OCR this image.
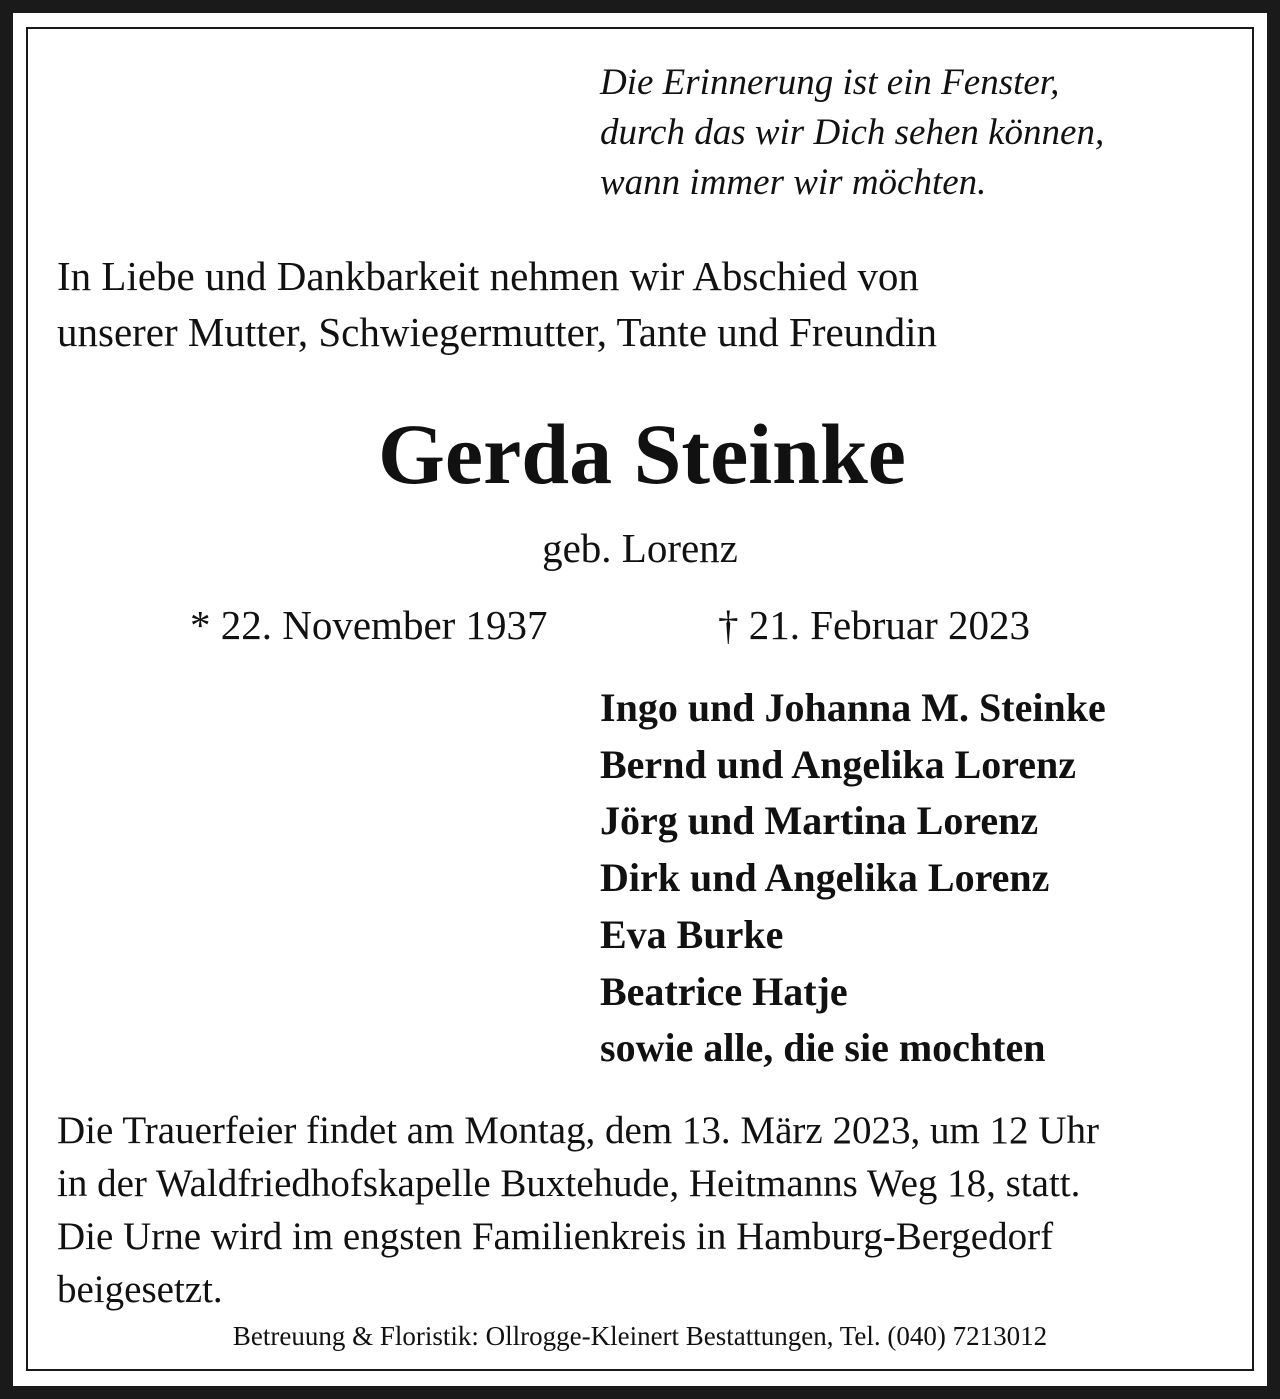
Die Erinnerung ist ein Fenster,
durch das wir Dich sehen können,
wann immer wir möchten.
In Liebe und Dankbarkeit nehmen wir Abschied von
unserer Mutter, Schwiegermutter, Tante und Freundin
Gerda Steinke
geb. Lorenz
* 22. November 1937	† 21. Februar 2023
Ingo und Johanna M. Steinke
Bernd und Angelika Lorenz
Jörg und Martina Lorenz
Dirk und Angelika Lorenz
Eva Burke
Beatrice Hatje
sowie alle, die sie mochten
Die Trauerfeier findet am Montag, dem 13. März 2023, um 12 Uhr
in der Waldfriedhofskapelle Buxtehude, Heitmanns Weg 18, statt.
Die Urne wird im engsten Familienkreis in Hamburg-Bergedorf
beigesetzt.
Betreuung & Floristik: Ollrogge-Kleinert Bestattungen, Tel. (040) 7213012
